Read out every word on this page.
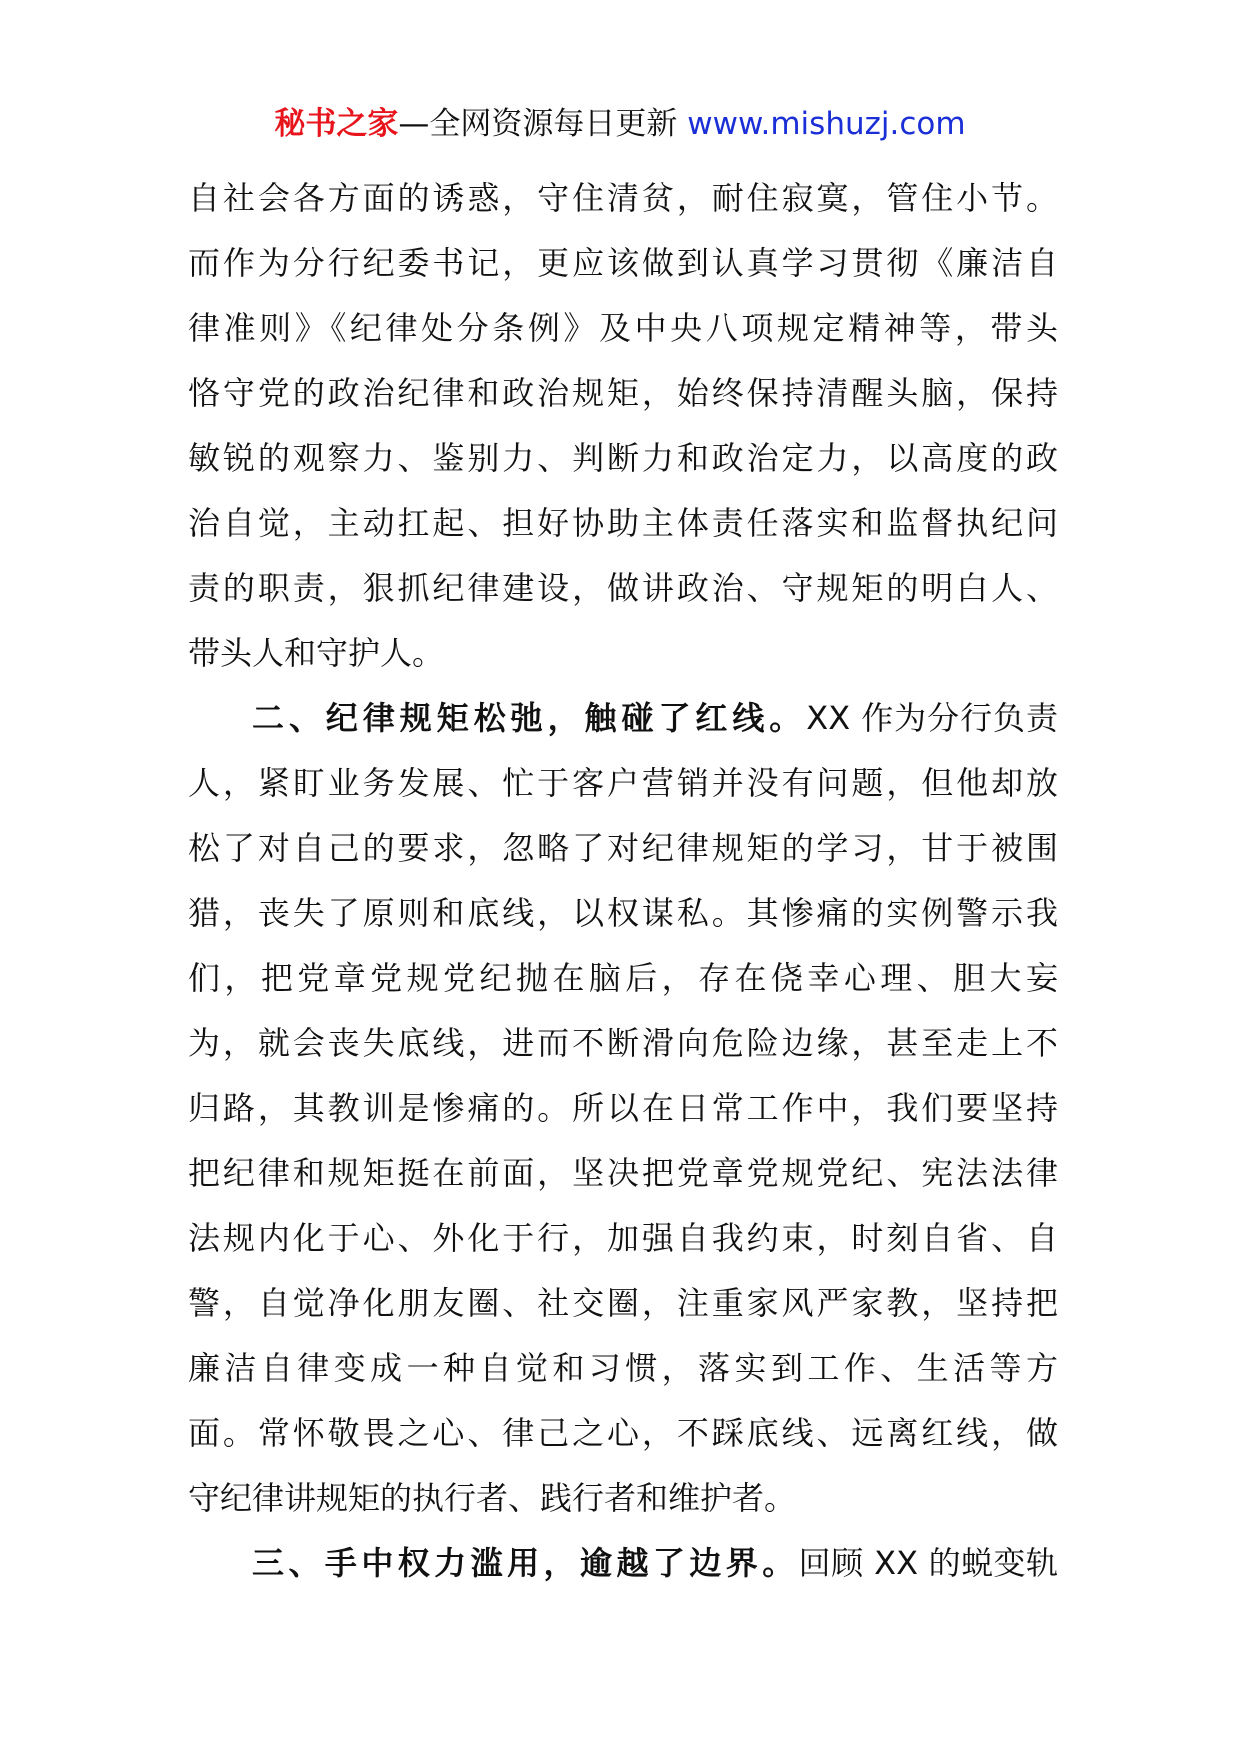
秘书之家—全网资源每日更新 www.mishuzj.com
自社会各方面的诱惑，守住清贫，耐住寂寞，管住小节。
而作为分行纪委书记，更应该做到认真学习贯彻《廉洁自
律准则》《纪律处分条例》及中央八项规定精神等，带头
恪守党的政治纪律和政治规矩，始终保持清醒头脑，保持
敏锐的观察力、鉴别力、判断力和政治定力，以高度的政
治自觉，主动扛起、担好协助主体责任落实和监督执纪问
责的职责，狠抓纪律建设，做讲政治、守规矩的明白人、
带头人和守护人。
二、纪律规矩松弛，触碰了红线。XX 作为分行负责
人，紧盯业务发展、忙于客户营销并没有问题，但他却放
松了对自己的要求，忽略了对纪律规矩的学习，甘于被围
猎，丧失了原则和底线，以权谋私。其惨痛的实例警示我
们，把党章党规党纪抛在脑后，存在侥幸心理、胆大妄
为，就会丧失底线，进而不断滑向危险边缘，甚至走上不
归路，其教训是惨痛的。所以在日常工作中，我们要坚持
把纪律和规矩挺在前面，坚决把党章党规党纪、宪法法律
法规内化于心、外化于行，加强自我约束，时刻自省、自
警，自觉净化朋友圈、社交圈，注重家风严家教，坚持把
廉洁自律变成一种自觉和习惯，落实到工作、生活等方
面。常怀敬畏之心、律己之心，不踩底线、远离红线，做
守纪律讲规矩的执行者、践行者和维护者。
三、手中权力滥用，逾越了边界。回顾 XX 的蜕变轨
